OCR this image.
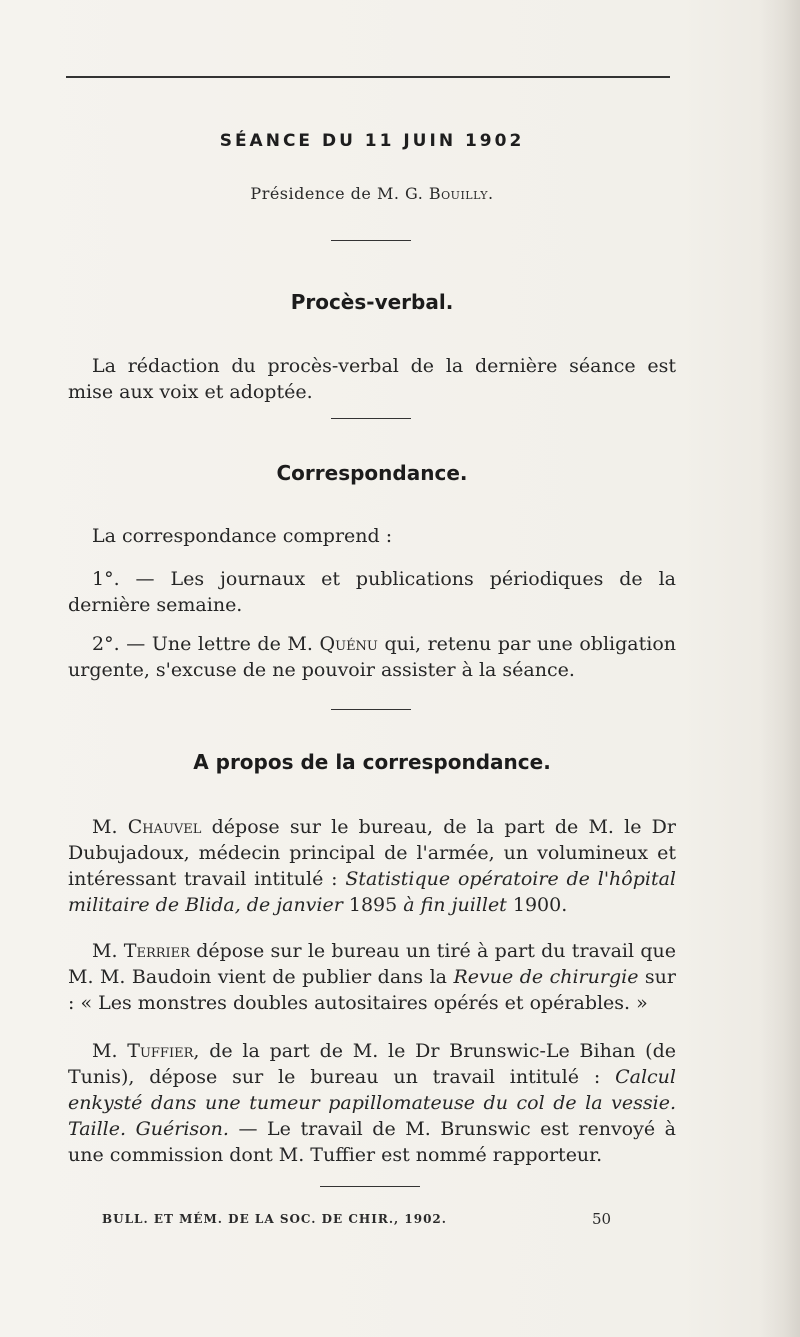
SÉANCE DU 11 JUIN 1902
Présidence de M. G. Bouilly.
Procès-verbal.
La rédaction du procès-verbal de la dernière séance est mise aux voix et adoptée.
Correspondance.
La correspondance comprend :
1°. — Les journaux et publications périodiques de la dernière semaine.
2°. — Une lettre de M. Quénu qui, retenu par une obligation urgente, s'excuse de ne pouvoir assister à la séance.
A propos de la correspondance.
M. Chauvel dépose sur le bureau, de la part de M. le Dr Dubujadoux, médecin principal de l'armée, un volumineux et intéressant travail intitulé : Statistique opératoire de l'hôpital militaire de Blida, de janvier 1895 à fin juillet 1900.
M. Terrier dépose sur le bureau un tiré à part du travail que M. M. Baudoin vient de publier dans la Revue de chirurgie sur : « Les monstres doubles autositaires opérés et opérables. »
M. Tuffier, de la part de M. le Dr Brunswic-Le Bihan (de Tunis), dépose sur le bureau un travail intitulé : Calcul enkysté dans une tumeur papillomateuse du col de la vessie. Taille. Guérison. — Le travail de M. Brunswic est renvoyé à une commission dont M. Tuffier est nommé rapporteur.
BULL. ET MÉM. DE LA SOC. DE CHIR., 1902.	50
